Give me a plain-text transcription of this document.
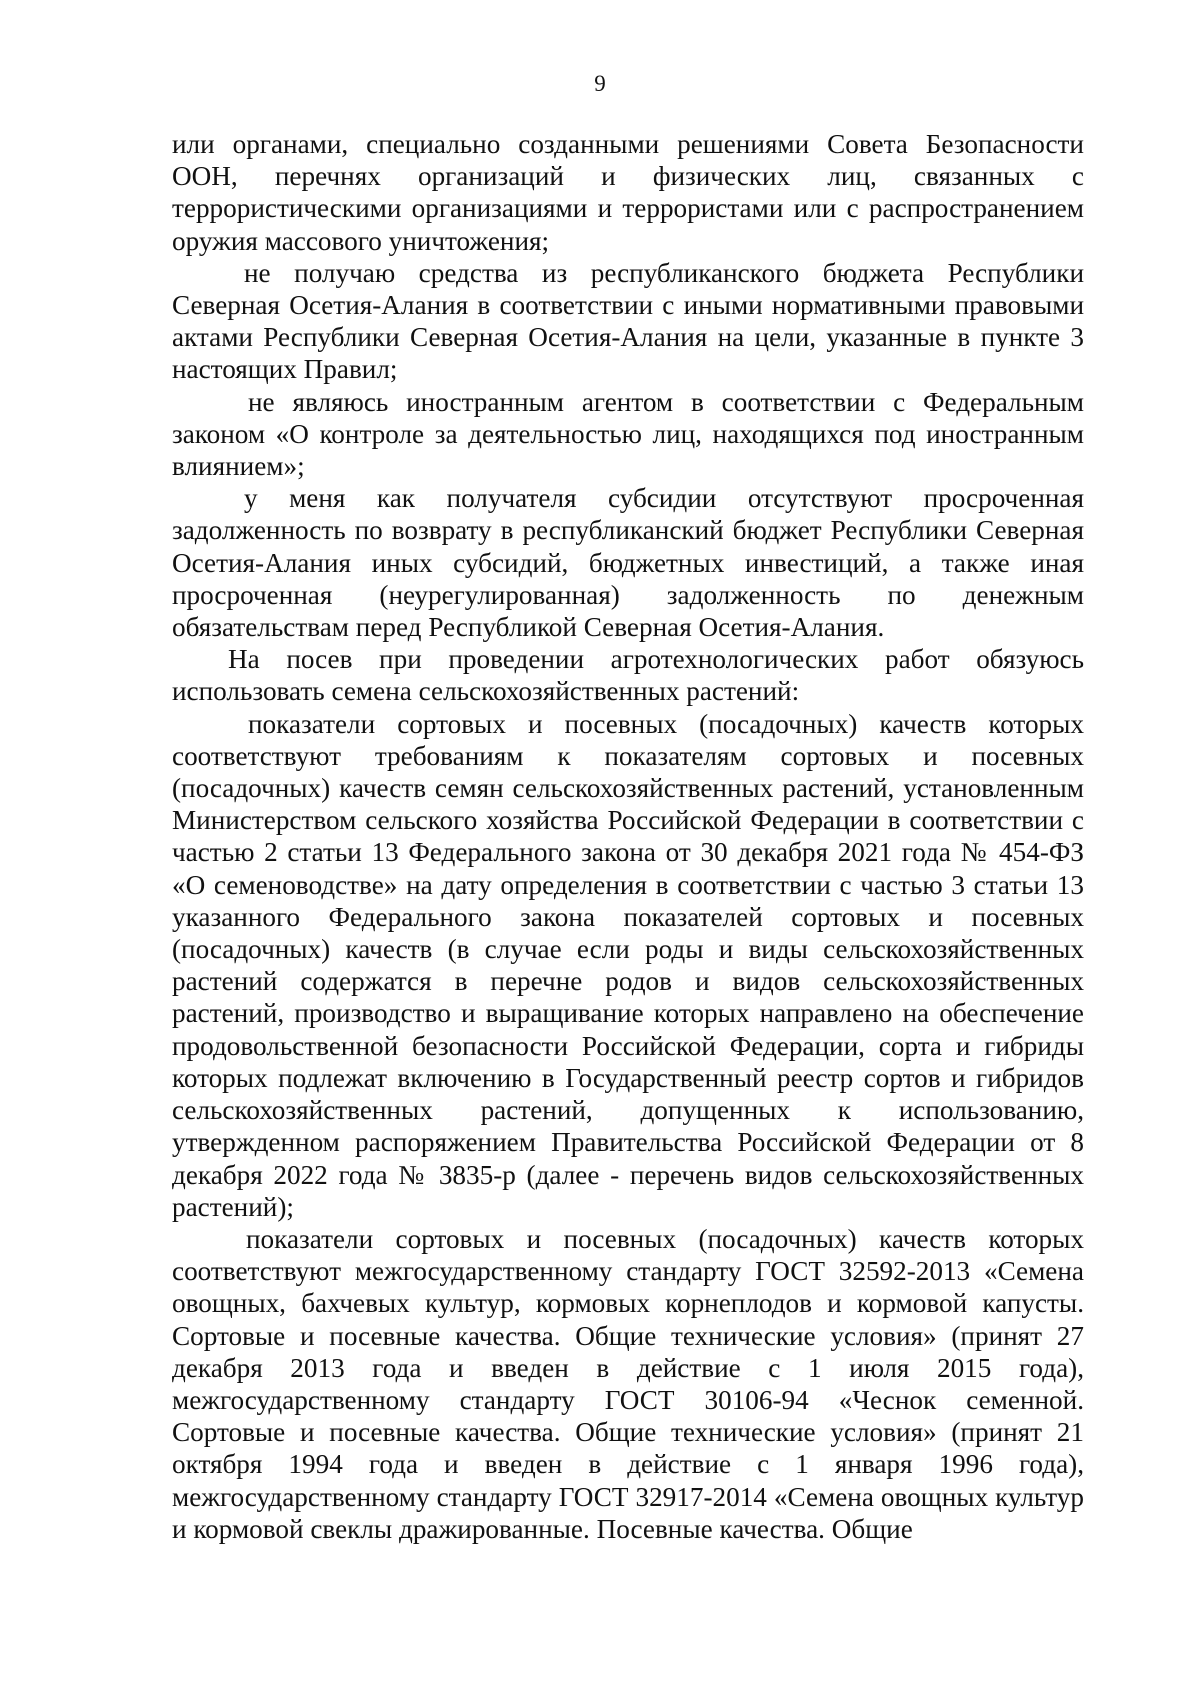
9

или органами, специально созданными решениями Совета Безопасности ООН, перечнях организаций и физических лиц, связанных с террористическими организациями и террористами или с распространением оружия массового уничтожения;

не получаю средства из республиканского бюджета Республики Северная Осетия-Алания в соответствии с иными нормативными правовыми актами Республики Северная Осетия-Алания на цели, указанные в пункте 3 настоящих Правил;

не являюсь иностранным агентом в соответствии с Федеральным законом «О контроле за деятельностью лиц, находящихся под иностранным влиянием»;

у меня как получателя субсидии отсутствуют просроченная задолженность по возврату в республиканский бюджет Республики Северная Осетия-Алания иных субсидий, бюджетных инвестиций, а также иная просроченная (неурегулированная) задолженность по денежным обязательствам перед Республикой Северная Осетия-Алания.

На посев при проведении агротехнологических работ обязуюсь использовать семена сельскохозяйственных растений:

показатели сортовых и посевных (посадочных) качеств которых соответствуют требованиям к показателям сортовых и посевных (посадочных) качеств семян сельскохозяйственных растений, установленным Министерством сельского хозяйства Российской Федерации в соответствии с частью 2 статьи 13 Федерального закона от 30 декабря 2021 года № 454-ФЗ «О семеноводстве» на дату определения в соответствии с частью 3 статьи 13 указанного Федерального закона показателей сортовых и посевных (посадочных) качеств (в случае если роды и виды сельскохозяйственных растений содержатся в перечне родов и видов сельскохозяйственных растений, производство и выращивание которых направлено на обеспечение продовольственной безопасности Российской Федерации, сорта и гибриды которых подлежат включению в Государственный реестр сортов и гибридов сельскохозяйственных растений, допущенных к использованию, утвержденном распоряжением Правительства Российской Федерации от 8 декабря 2022 года № 3835-р (далее - перечень видов сельскохозяйственных растений);

показатели сортовых и посевных (посадочных) качеств которых соответствуют межгосударственному стандарту ГОСТ 32592-2013 «Семена овощных, бахчевых культур, кормовых корнеплодов и кормовой капусты. Сортовые и посевные качества. Общие технические условия» (принят 27 декабря 2013 года и введен в действие с 1 июля 2015 года), межгосударственному стандарту ГОСТ 30106-94 «Чеснок семенной. Сортовые и посевные качества. Общие технические условия» (принят 21 октября 1994 года и введен в действие с 1 января 1996 года), межгосударственному стандарту ГОСТ 32917-2014 «Семена овощных культур и кормовой свеклы дражированные. Посевные качества. Общие
